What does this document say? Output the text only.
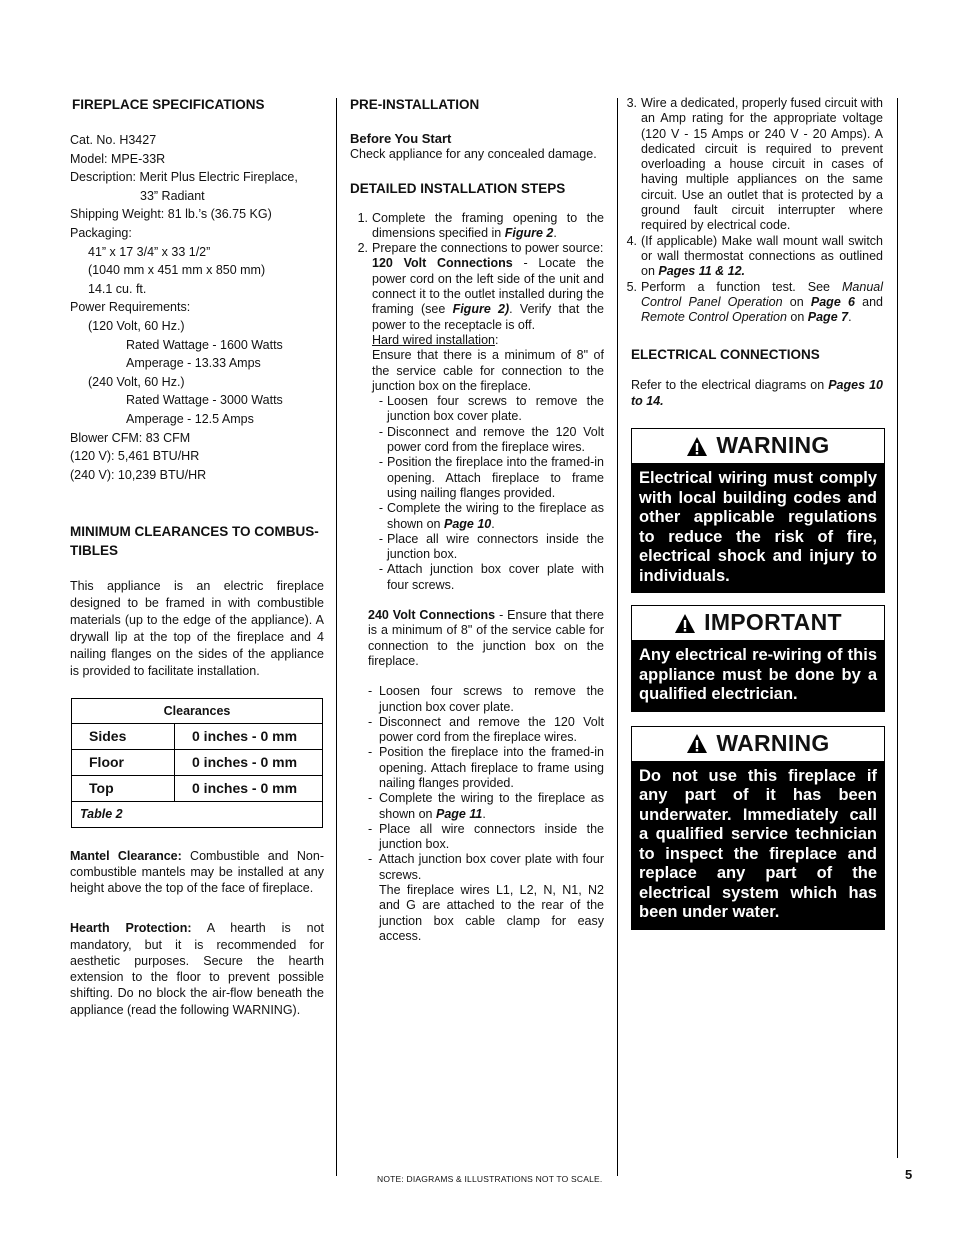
FIREPLACE SPECIFICATIONS

Cat. No. H3427

Model: MPE-33R

Description: Merit Plus Electric Fireplace,

33” Radiant

Shipping Weight: 81 lb.’s (36.75 KG)

Packaging:

41” x 17 3/4” x 33 1/2”

(1040 mm x 451 mm x 850 mm)

14.1 cu. ft.

Power Requirements:

(120 Volt, 60 Hz.)

Rated Wattage - 1600 Watts

Amperage - 13.33 Amps

(240 Volt, 60 Hz.)

Rated Wattage - 3000 Watts

Amperage - 12.5 Amps

Blower CFM: 83 CFM

(120 V): 5,461 BTU/HR

(240 V): 10,239 BTU/HR

MINIMUM CLEARANCES TO COMBUS-
TIBLES

This appliance is an electric fireplace designed to be framed in with combustible materials (up to the edge of the appliance). A drywall lip at the top of the fireplace and 4 nailing flanges on the sides of the appliance is provided to facilitate installation.

Clearances	
Sides	0 inches - 0 mm
Floor	0 inches - 0 mm
Top	0 inches - 0 mm
Table 2	

Mantel Clearance: Combustible and Non-combustible mantels may be installed at any height above the top of the face of fireplace.

Hearth Protection: A hearth is not mandatory, but it is recommended for aesthetic purposes. Secure the hearth extension to the floor to prevent possible shifting. Do no block the air-flow beneath the appliance (read the following WARNING).

PRE-INSTALLATION

Before You Start

Check appliance for any concealed damage.

DETAILED INSTALLATION STEPS
1. Complete the framing opening to the dimensions specified in Figure 2.
2. Prepare the connections to power source:
120 Volt Connections - Locate the power cord on the left side of the unit and connect it to the outlet installed during the framing (see Figure 2). Verify that the power to the receptacle is off.
Hard wired installation:
Ensure that there is a minimum of 8" of the service cable for connection to the junction box on the fireplace.
- Loosen four screws to remove the junction box cover plate.
- Disconnect and remove the 120 Volt power cord from the fireplace wires.
- Position the fireplace into the framed-in opening. Attach fireplace to frame using nailing flanges provided.
- Complete the wiring to the fireplace as shown on Page 10.
- Place all wire connectors inside the junction box.
- Attach junction box cover plate with four screws.

240 Volt Connections - Ensure that there is a minimum of 8" of the service cable for connection to the junction box on the fireplace.

- Loosen four screws to remove the junction box cover plate.
- Disconnect and remove the 120 Volt power cord from the fireplace wires.
- Position the fireplace into the framed-in opening. Attach fireplace to frame using nailing flanges provided.
- Complete the wiring to the fireplace as shown on Page 11.
- Place all wire connectors inside the junction box.
- Attach junction box cover plate with four screws.

The fireplace wires L1, L2, N, N1, N2 and G are attached to the rear of the junction box cable clamp for easy access.

3. Wire a dedicated, properly fused circuit with an Amp rating for the appropriate voltage (120 V - 15 Amps or 240 V - 20 Amps). A dedicated circuit is required to prevent overloading a house circuit in cases of having multiple appliances on the same circuit. Use an outlet that is protected by a ground fault circuit interrupter where required by electrical code.
4. (If applicable) Make wall mount wall switch or wall thermostat connections as outlined on Pages 11 & 12.
5. Perform a function test. See Manual Control Panel Operation on Page 6 and Remote Control Operation on Page 7.
ELECTRICAL CONNECTIONS

Refer to the electrical diagrams on Pages 10 to 14.

WARNING
Electrical wiring must comply with local building codes and other applicable regulations to reduce the risk of fire, electrical shock and injury to individuals.
IMPORTANT
Any electrical re-wiring of this appliance must be done by a qualified electrician.
WARNING
Do not use this fireplace if any part of it has been underwater. Immediately call a qualified service technician to inspect the fireplace and replace any part of the electrical system which has been under water.
NOTE: DIAGRAMS & ILLUSTRATIONS NOT TO SCALE.	5
